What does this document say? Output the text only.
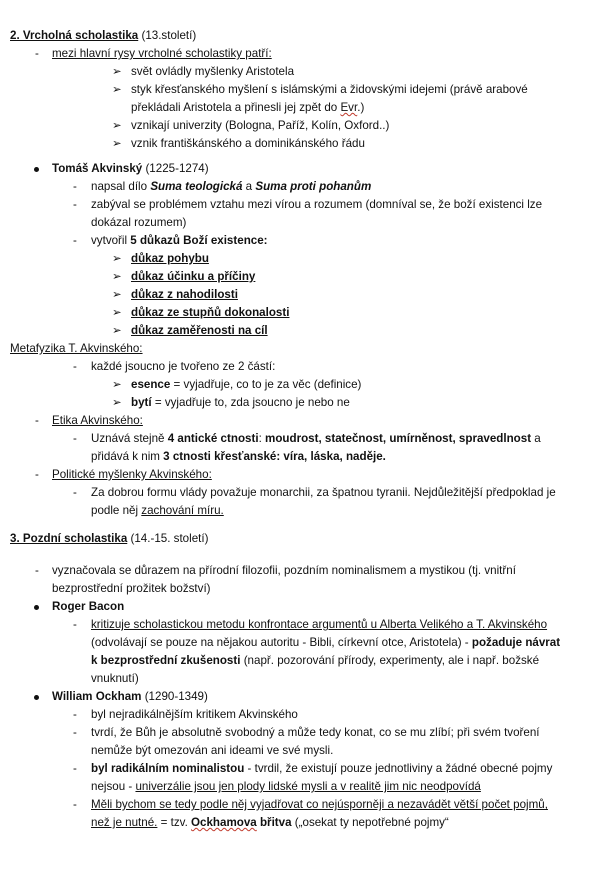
2. Vrcholná scholastika (13.století)
- mezi hlavní rysy vrcholné scholastiky patří:
➢ svět ovládly myšlenky Aristotela
➢ styk křesťanského myšlení s islámskými a židovskými idejemi (právě arabové
překládali Aristotela a přinesli jej zpět do Evr.)
➢ vznikají univerzity (Bologna, Paříž, Kolín, Oxford..)
➢ vznik františkánského a dominikánského řádu
Tomáš Akvinský (1225-1274)
- napsal dílo Suma teologická a Suma proti pohanům
- zabýval se problémem vztahu mezi vírou a rozumem (domníval se, že boží existenci lze
dokázal rozumem)
- vytvořil 5 důkazů Boží existence:
➢ důkaz pohybu
➢ důkaz účinku a příčiny
➢ důkaz z nahodilosti
➢ důkaz ze stupňů dokonalosti
➢ důkaz zaměřenosti na cíl
Metafyzika T. Akvinského:
- každé jsoucno je tvořeno ze 2 částí:
➢ esence = vyjadřuje, co to je za věc (definice)
➢ bytí = vyjadřuje to, zda jsoucno je nebo ne
- Etika Akvinského:
- Uznává stejně 4 antické ctnosti: moudrost, statečnost, umírněnost, spravedlnost a
přidává k nim 3 ctnosti křesťanské: víra, láska, naděje.
- Politické myšlenky Akvinského:
- Za dobrou formu vlády považuje monarchii, za špatnou tyranii. Nejdůležitější předpoklad je
podle něj zachování míru.
3. Pozdní scholastika (14.-15. století)
- vyznačovala se důrazem na přírodní filozofii, pozdním nominalismem a mystikou (tj. vnitřní
bezprostřední prožitek božství)
Roger Bacon
- kritizuje scholastickou metodu konfrontace argumentů u Alberta Velikého a T. Akvinského
(odvolávají se pouze na nějakou autoritu - Bibli, církevní otce, Aristotela) - požaduje návrat
k bezprostřední zkušenosti (např. pozorování přírody, experimenty, ale i např. božské
vnuknutí)
William Ockham (1290-1349)
- byl nejradikálnějším kritikem Akvinského
- tvrdí, že Bůh je absolutně svobodný a může tedy konat, co se mu zlíbí; při svém tvoření
nemůže být omezován ani ideami ve své mysli.
- byl radikálním nominalistou - tvrdil, že existují pouze jednotliviny a žádné obecné pojmy
nejsou - univerzálie jsou jen plody lidské mysli a v realitě jim nic neodpovídá
- Měli bychom se tedy podle něj vyjadřovat co nejúsporněji a nezavádět větší počet pojmů,
než je nutné. = tzv. Ockhamova břitva („osekat ty nepotřebné pojmy“
